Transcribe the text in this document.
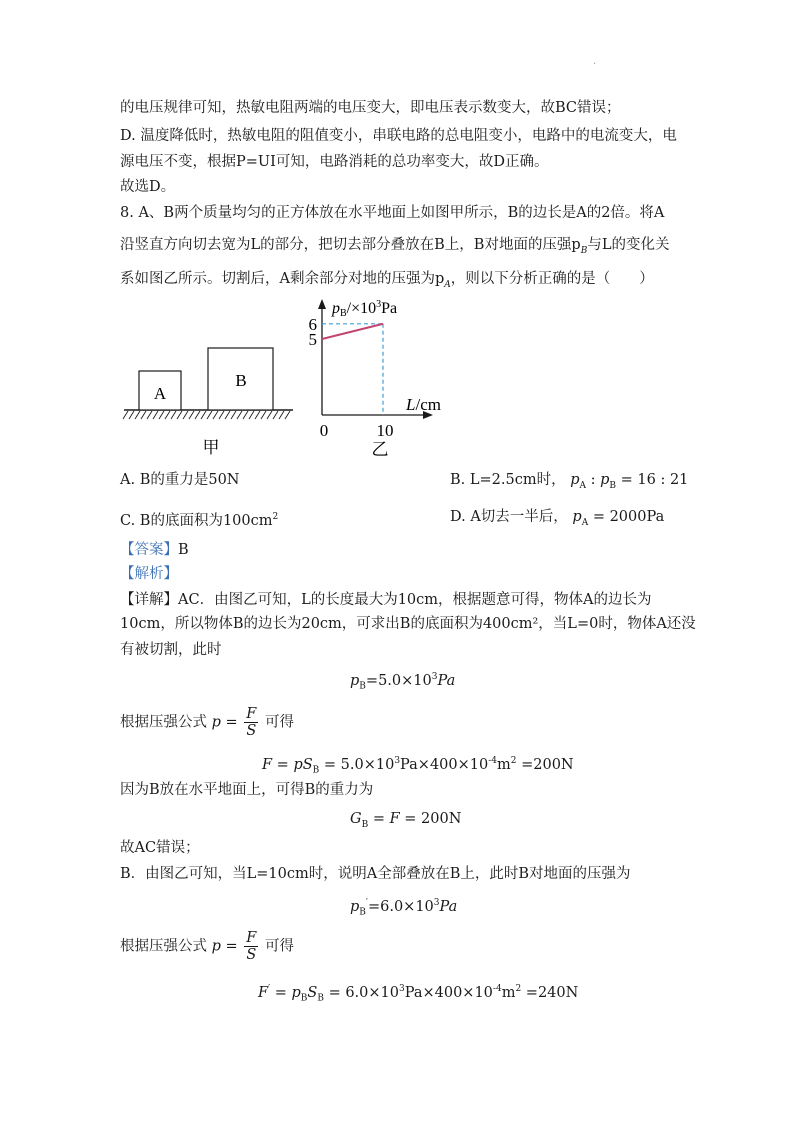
.
的电压规律可知，热敏电阻两端的电压变大，即电压表示数变大，故BC错误；
D. 温度降低时，热敏电阻的阻值变小，串联电路的总电阻变小，电路中的电流变大，电
源电压不变，根据P=UI可知，电路消耗的总功率变大，故D正确。
故选D。
8. A、B两个质量均匀的正方体放在水平地面上如图甲所示，B的边长是A的2倍。将A
沿竖直方向切去宽为L的部分，把切去部分叠放在B上，B对地面的压强$p_B$与L的变化关
系如图乙所示。切割后，A剩余部分对地的压强为$p_A$，则以下分析正确的是（　　）
A
B
甲
6
5
0	10
$pB/\times 10^3Pa$
L/cm
乙
A. B的重力是50N	B. L=2.5cm时， $p_A$ : $p_B = 16$ : 21
C. B的底面积为$100cm^2$	D. A切去一半后， $p_A = 2000Pa$
【答案】B
【解析】
【详解】AC．由图乙可知，L的长度最大为10cm，根据题意可得，物体A的边长为
10cm，所以物体B的边长为20cm，可求出B的底面积为400cm²，当L=0时，物体A还没
有被切割，此时
$p_B=5.0\times 10^3Pa$
根据压强公式 $p = \frac{F}{S}$ 可得
$F = pS_B = 5.0\times 10^3Pa\times 400\times 10^{-4}m^2 =200N$
因为B放在水平地面上，可得B的重力为
$G_B = F = 200N$
故AC错误；
B．由图乙可知，当L=10cm时，说明A全部叠放在B上，此时B对地面的压强为
$p_B'=6.0\times 10^3Pa$
根据压强公式 $p = \frac{F}{S}$ 可得
$F' = p_BS_B = 6.0\times 10^3Pa\times 400\times 10^{-4}m^2 =240N$
